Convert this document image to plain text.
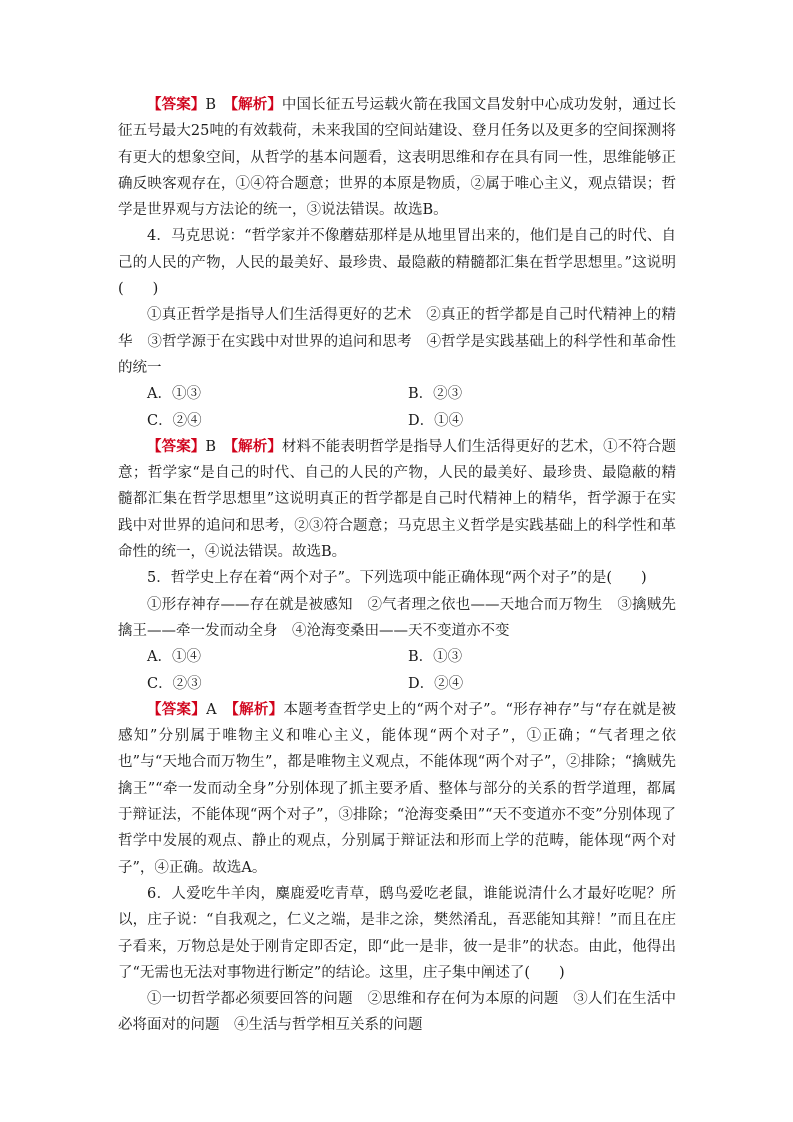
【答案】B　 【解析】中国长征五号运载火箭在我国文昌发射中心成功发射，通过长征五号最大25吨的有效载荷，未来我国的空间站建设、登月任务以及更多的空间探测将有更大的想象空间，从哲学的基本问题看，这表明思维和存在具有同一性，思维能够正确反映客观存在，①④符合题意；世界的本原是物质，②属于唯心主义，观点错误；哲学是世界观与方法论的统一，③说法错误。故选B。

4．马克思说：“哲学家并不像蘑菇那样是从地里冒出来的，他们是自己的时代、自己的人民的产物，人民的最美好、最珍贵、最隐蔽的精髓都汇集在哲学思想里。”这说明(　　)

①真正哲学是指导人们生活得更好的艺术　②真正的哲学都是自己时代精神上的精华　③哲学源于在实践中对世界的追问和思考　④哲学是实践基础上的科学性和革命性的统一

A．①③	B．②③
C．②④	D．①④

【答案】B　 【解析】材料不能表明哲学是指导人们生活得更好的艺术，①不符合题意；哲学家“是自己的时代、自己的人民的产物，人民的最美好、最珍贵、最隐蔽的精髓都汇集在哲学思想里”这说明真正的哲学都是自己时代精神上的精华，哲学源于在实践中对世界的追问和思考，②③符合题意；马克思主义哲学是实践基础上的科学性和革命性的统一，④说法错误。故选B。

5．哲学史上存在着“两个对子”。下列选项中能正确体现“两个对子”的是(　　)

①形存神存——存在就是被感知　②气者理之依也——天地合而万物生　③擒贼先擒王——牵一发而动全身　④沧海变桑田——天不变道亦不变

A．①④	B．①③
C．②③	D．②④

【答案】A　 【解析】本题考查哲学史上的“两个对子”。“形存神存”与“存在就是被感知”分别属于唯物主义和唯心主义，能体现“两个对子”，①正确；“气者理之依也”与“天地合而万物生”，都是唯物主义观点，不能体现“两个对子”，②排除；“擒贼先擒王”“牵一发而动全身”分别体现了抓主要矛盾、整体与部分的关系的哲学道理，都属于辩证法，不能体现“两个对子”，③排除；“沧海变桑田”“天不变道亦不变”分别体现了哲学中发展的观点、静止的观点，分别属于辩证法和形而上学的范畴，能体现“两个对子”，④正确。故选A。

6．人爱吃牛羊肉，麋鹿爱吃青草，鸱鸟爱吃老鼠，谁能说清什么才最好吃呢？所以，庄子说：“自我观之，仁义之端，是非之涂，樊然淆乱，吾恶能知其辩！”而且在庄子看来，万物总是处于刚肯定即否定，即“此一是非，彼一是非”的状态。由此，他得出了“无需也无法对事物进行断定”的结论。这里，庄子集中阐述了(　　)

①一切哲学都必须要回答的问题　②思维和存在何为本原的问题　③人们在生活中必将面对的问题　④生活与哲学相互关系的问题
